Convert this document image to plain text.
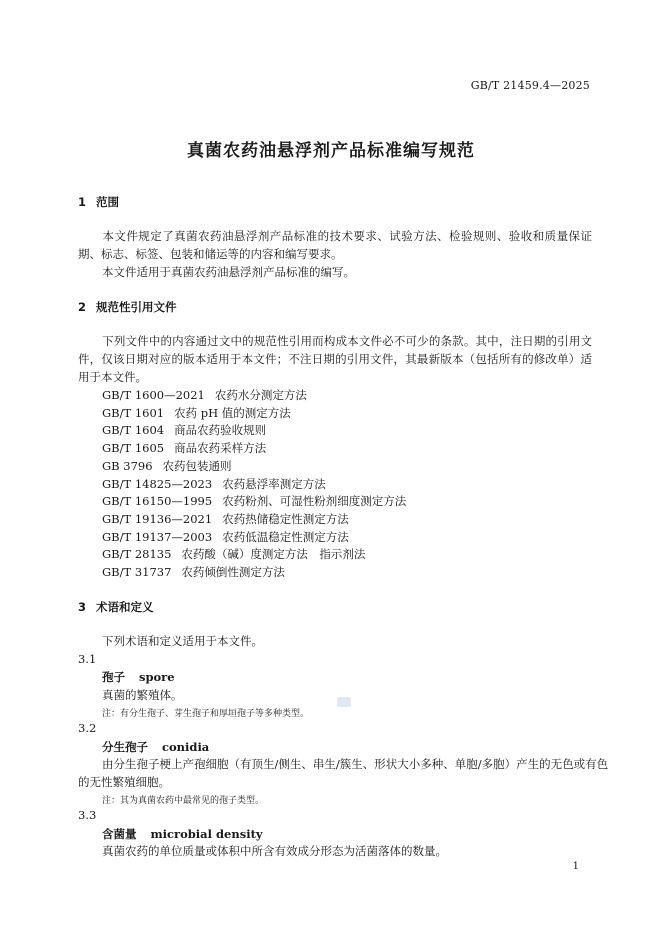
GB/T 21459.4—2025
真菌农药油悬浮剂产品标准编写规范
1 范围
本文件规定了真菌农药油悬浮剂产品标准的技术要求、试验方法、检验规则、验收和质量保证期、标志、标签、包装和储运等的内容和编写要求。
本文件适用于真菌农药油悬浮剂产品标准的编写。
2 规范性引用文件
下列文件中的内容通过文中的规范性引用而构成本文件必不可少的条款。其中，注日期的引用文件，仅该日期对应的版本适用于本文件；不注日期的引用文件，其最新版本（包括所有的修改单）适用于本文件。
GB/T 1600—2021 农药水分测定方法
GB/T 1601 农药 pH 值的测定方法
GB/T 1604 商品农药验收规则
GB/T 1605 商品农药采样方法
GB 3796 农药包装通则
GB/T 14825—2023 农药悬浮率测定方法
GB/T 16150—1995 农药粉剂、可湿性粉剂细度测定方法
GB/T 19136—2021 农药热储稳定性测定方法
GB/T 19137—2003 农药低温稳定性测定方法
GB/T 28135 农药酸（碱）度测定方法　指示剂法
GB/T 31737 农药倾倒性测定方法
3 术语和定义
下列术语和定义适用于本文件。
3.1
孢子 spore
真菌的繁殖体。
注：有分生孢子、芽生孢子和厚垣孢子等多种类型。
3.2
分生孢子 conidia
由分生孢子梗上产孢细胞（有顶生/侧生、串生/簇生、形状大小多种、单胞/多胞）产生的无色或有色
的无性繁殖细胞。
注：其为真菌农药中最常见的孢子类型。
3.3
含菌量 microbial density
真菌农药的单位质量或体积中所含有效成分形态为活菌落体的数量。
1
